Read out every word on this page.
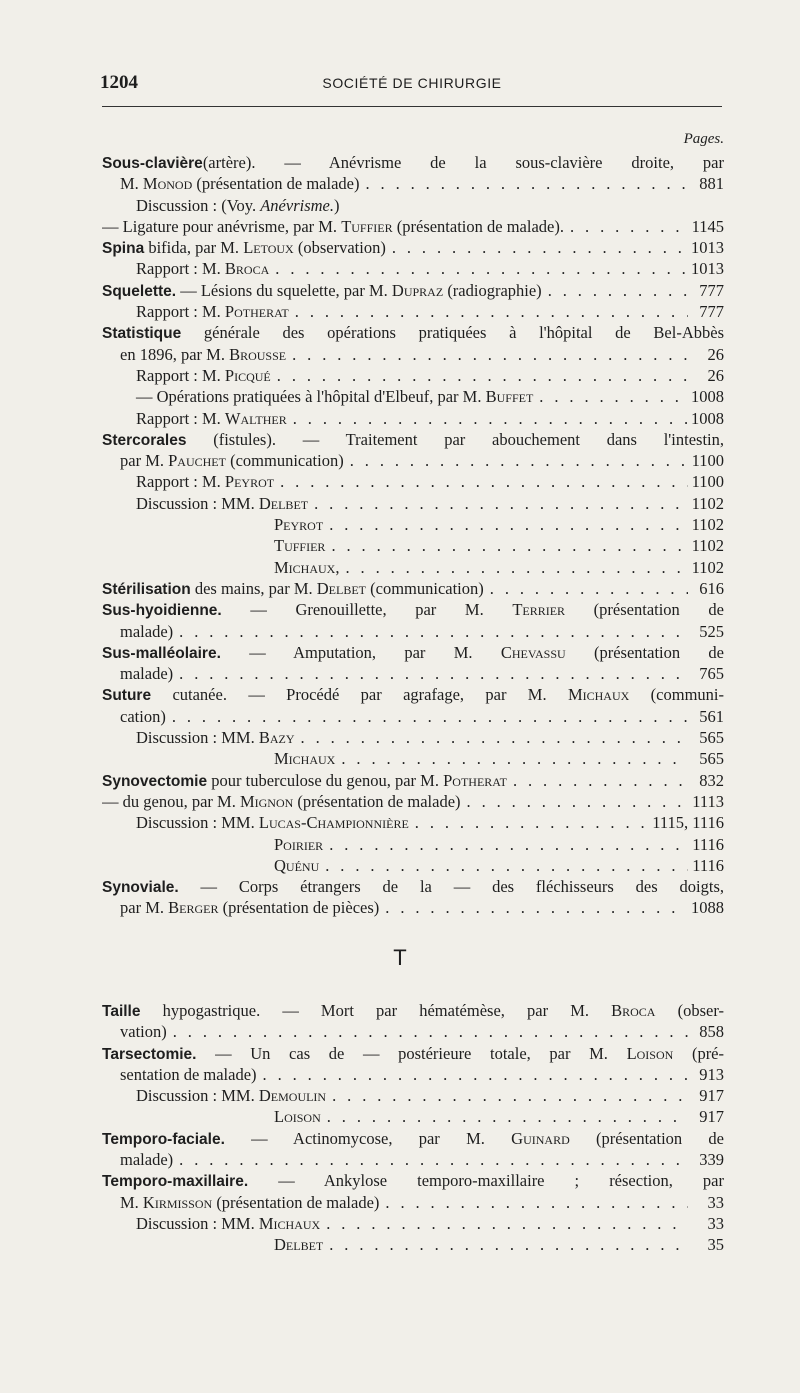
1204	SOCIÉTÉ DE CHIRURGIE
Pages.
Sous-clavière(artère). — Anévrisme de la sous-clavière droite, par
M. Monod (présentation de malade) . . .	881
Discussion : (Voy. Anévrisme.)
— Ligature pour anévrisme, par M. Tuffier (présentation de malade). . . .	1145
Spina bifida, par M. Letoux (observation) . . .	1013
Rapport : M. Broca . . .	1013
Squelette. — Lésions du squelette, par M. Dupraz (radiographie) . . .	777
Rapport : M. Potherat . . .	777
Statistique générale des opérations pratiquées à l'hôpital de Bel-Abbès
en 1896, par M. Brousse . . .	26
Rapport : M. Picqué . . .	26
— Opérations pratiquées à l'hôpital d'Elbeuf, par M. Buffet . . .	1008
Rapport : M. Walther . . .	1008
Stercorales (fistules). — Traitement par abouchement dans l'intestin,
par M. Pauchet (communication) . . .	1100
Rapport : M. Peyrot . . .	1100
Discussion : MM. Delbet . . .	1102
Peyrot . . .	1102
Tuffier . . .	1102
Michaux, . . .	1102
Stérilisation des mains, par M. Delbet (communication) . . .	616
Sus-hyoidienne. — Grenouillette, par M. Terrier (présentation de
malade) . . .	525
Sus-malléolaire. — Amputation, par M. Chevassu (présentation de
malade) . . .	765
Suture cutanée. — Procédé par agrafage, par M. Michaux (communi-
cation) . . .	561
Discussion : MM. Bazy . . .	565
Michaux . . .	565
Synovectomie pour tuberculose du genou, par M. Potherat . . .	832
— du genou, par M. Mignon (présentation de malade) . . .	1113
Discussion : MM. Lucas-Championnière . . .	1115, 1116
Poirier . . .	1116
Quénu . . .	1116
Synoviale. — Corps étrangers de la — des fléchisseurs des doigts,
par M. Berger (présentation de pièces) . . .	1088
T
Taille hypogastrique. — Mort par hématémèse, par M. Broca (obser-
vation) . . .	858
Tarsectomie. — Un cas de — postérieure totale, par M. Loison (pré-
sentation de malade) . . .	913
Discussion : MM. Demoulin . . .	917
Loison . . .	917
Temporo-faciale. — Actinomycose, par M. Guinard (présentation de
malade) . . .	339
Temporo-maxillaire. — Ankylose temporo-maxillaire ; résection, par
M. Kirmisson (présentation de malade) . . .	33
Discussion : MM. Michaux . . .	33
Delbet . . .	35
